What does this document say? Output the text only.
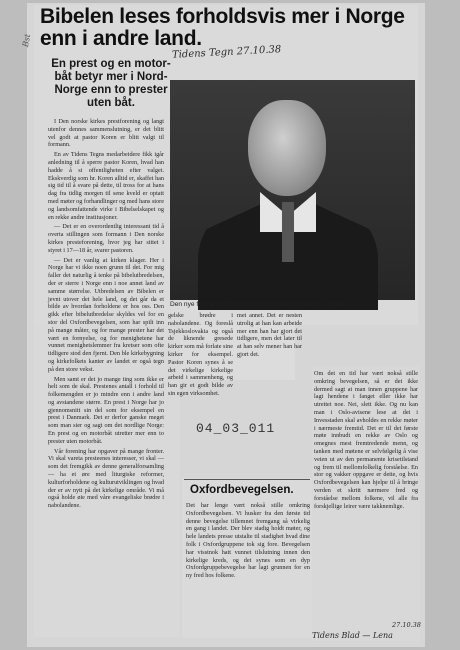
Bibelen leses forholdsvis mer i Norge enn i andre land.
En prest og en motor-båt betyr mer i Nord-Norge enn to prester uten båt.
Bst
Tidens Tegn 27.10.38
Den nye formann i Den norske prestforening pastor L. Koren.

I Den norske kirkes prestforening og langt utenfor dennes sammenslutning, er det blitt vel godt at pastor Koren er blitt valgt til formann.

En av Tidens Tegns medarbeidere fikk igår anledning til å sperre pastor Koren, hvad han hadde å si offentligheten efter valget. Ekskverdig som hr. Koren alltid er, skaffet han sig tid til å svare på dette, til tross for at hans dag fra tidlig morgen til sene kveld er optatt med møter og forhandlinger og med hans store og landsomfattende virke i Bibelselskapet og en rekke andre institusjoner.

— Det er en overordentlig interessant tid å overta stillingen som formann i Den norske kirkes presteforening, hvor jeg har sittet i styret i 17—18 år, svarer pastoren.

— Det er vanlig at kirken klager. Her i Norge har vi ikke noen grunn til det. For mig faller det naturlig å tenke på bibelutbredelsen, der er sterre i Norge enn i noe annet land av samme størrelse. Utbredelsen av Bibelen er jevnt utover det hele land, og det går da et bilde av hvordan forholdene er hos oss. Den gikk efter bibelutbredelse skyldes vel for en stor del Oxfordbevegelsen, som har spilt inn på mange måter, og for mange prester har det vært en fornyelse, og for menighetene har vunnet menighetslemmer fra kretser som ofte tidligere stod den fjernt. Den ble kirkebygning og kirkefolkets kanter av landet er også tegn på den store vekst.

Men samt er det jo mange ting som ikke er helt som de skal. Prestenes antall i forhold til folkemengden er jo mindre enn i andre land og avstandene større. En prest i Norge har jo gjennomsnitt sin del som for eksempel en prest i Danmark. Det er derfor ganske meget som man sier og sagt om det nordlige Norge: En prest og en motorbåt utretter mer enn to prester uten motorbåt.

Vår forening har opgaver på mange fronter. Vi skal vareta presteenes interesser, vi skal — som det fremgikk av denne generalforsamling — ha et øre med liturgiske reformer, kulturforholdene og kulturutviklingen og hvad der er av nytt på det kirkelige område. Vi må også holde øie med våre evangeliske brødre i nabolandene.

gelske brødre i nabolandene. Og foreslå Tsjekkoslovakia og også de liknende gresede kirker som må forlate sine kirker for eksempel. Pastor Koren synes å se det virkelige kirkelige arbeid i sammenheng, og han gir et godt bilde av sin egen virksomhet.
met annet. Det er nesten utrolig at han kan arbeide mer enn han har gjort det tidligere, men det later til at han selv mener han har gjort det.
04_03_011
Oxfordbevegelsen.
Det har lenge vært nokså stille omkring Oxfordbevegelsen. Vi husker fra den første tid denne bevegelse tillemnet fremgang så virkelig en gang i landet. Der blev stadig holdt møter, og hele landets presse utstalte til stadighet hvad dine folk i Oxfordgruppene tok sig fore. Bevegelsen har visstnok hatt vunnet tilslutning innen den kirkelige kreds, og det synes som en dyp Oxfordgruppebevegelse har lagt grunnen for en ny fred hos folkene.
Om det en tid har vært nokså stille omkring bevegelsen, så er det ikke dermed sagt at man innen gruppene har lagt hendene i fanget eller ikke har utrettet noe. Nei, slett ikke. Og nu kan man i Oslo-avisene lese at det i Invesstaden skal avholdes en rekke møter i nærmeste fremtid. Det er til det første møte innbudt en rekke av Oslo og omegnes mest fremtredende menn, og tanken med møtene er selvfølgelig å vise veien ut av den permanente krisetilstand og frem til mellomfolkelig forståelse. En stor og vakker oppgave er dette, og hvis Oxfordbevegelsen kan hjelpe til å bringe verden et skritt nærmere fred og forståelse mellom folkene, vil alle fra forskjellige leirer være takknemlige.
Tidens Blad — Lena
27.10.38
